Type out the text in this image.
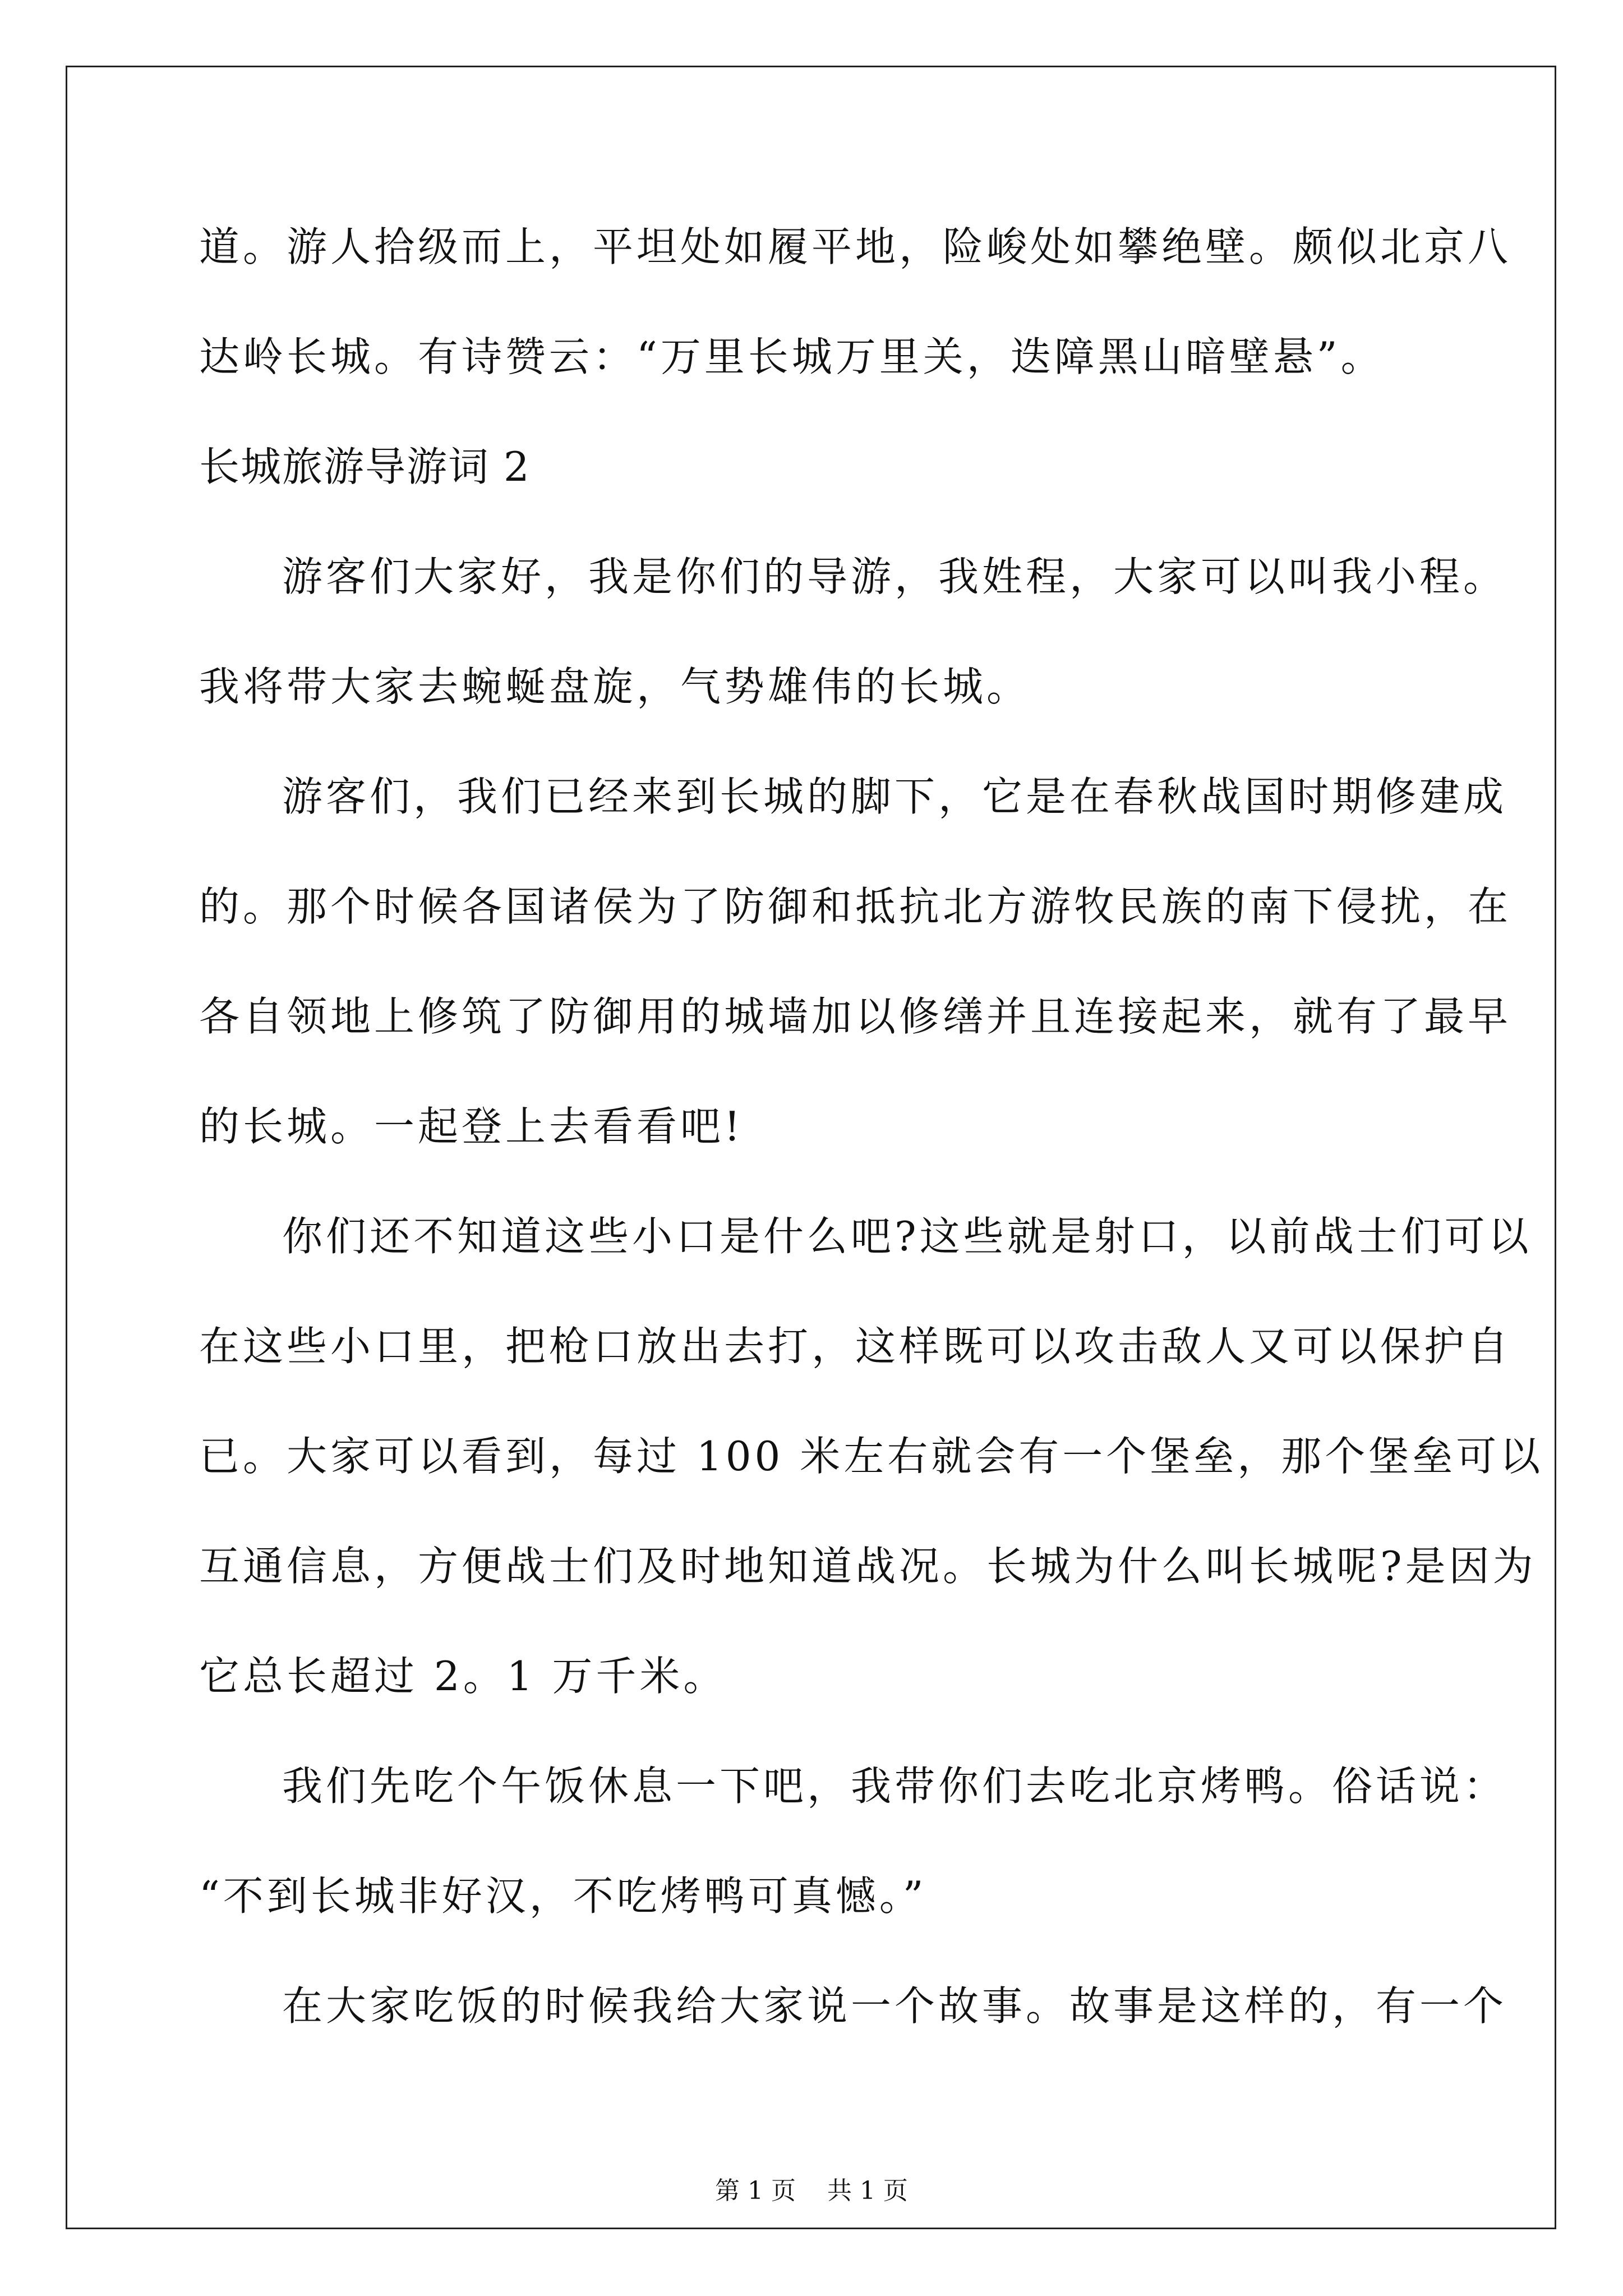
道。游人拾级而上，平坦处如履平地，险峻处如攀绝壁。颇似北京八
达岭长城。有诗赞云：“万里长城万里关，迭障黑山暗壁悬”。
长城旅游导游词 2
游客们大家好，我是你们的导游，我姓程，大家可以叫我小程。
我将带大家去蜿蜒盘旋，气势雄伟的长城。
游客们，我们已经来到长城的脚下，它是在春秋战国时期修建成
的。那个时候各国诸侯为了防御和抵抗北方游牧民族的南下侵扰，在
各自领地上修筑了防御用的城墙加以修缮并且连接起来，就有了最早
的长城。一起登上去看看吧!
你们还不知道这些小口是什么吧?这些就是射口，以前战士们可以
在这些小口里，把枪口放出去打，这样既可以攻击敌人又可以保护自
已。大家可以看到，每过 100 米左右就会有一个堡垒，那个堡垒可以
互通信息，方便战士们及时地知道战况。长城为什么叫长城呢?是因为
它总长超过 2。1 万千米。
我们先吃个午饭休息一下吧，我带你们去吃北京烤鸭。俗话说：
“不到长城非好汉，不吃烤鸭可真憾。”
在大家吃饭的时候我给大家说一个故事。故事是这样的，有一个
第 1 页    共 1 页
